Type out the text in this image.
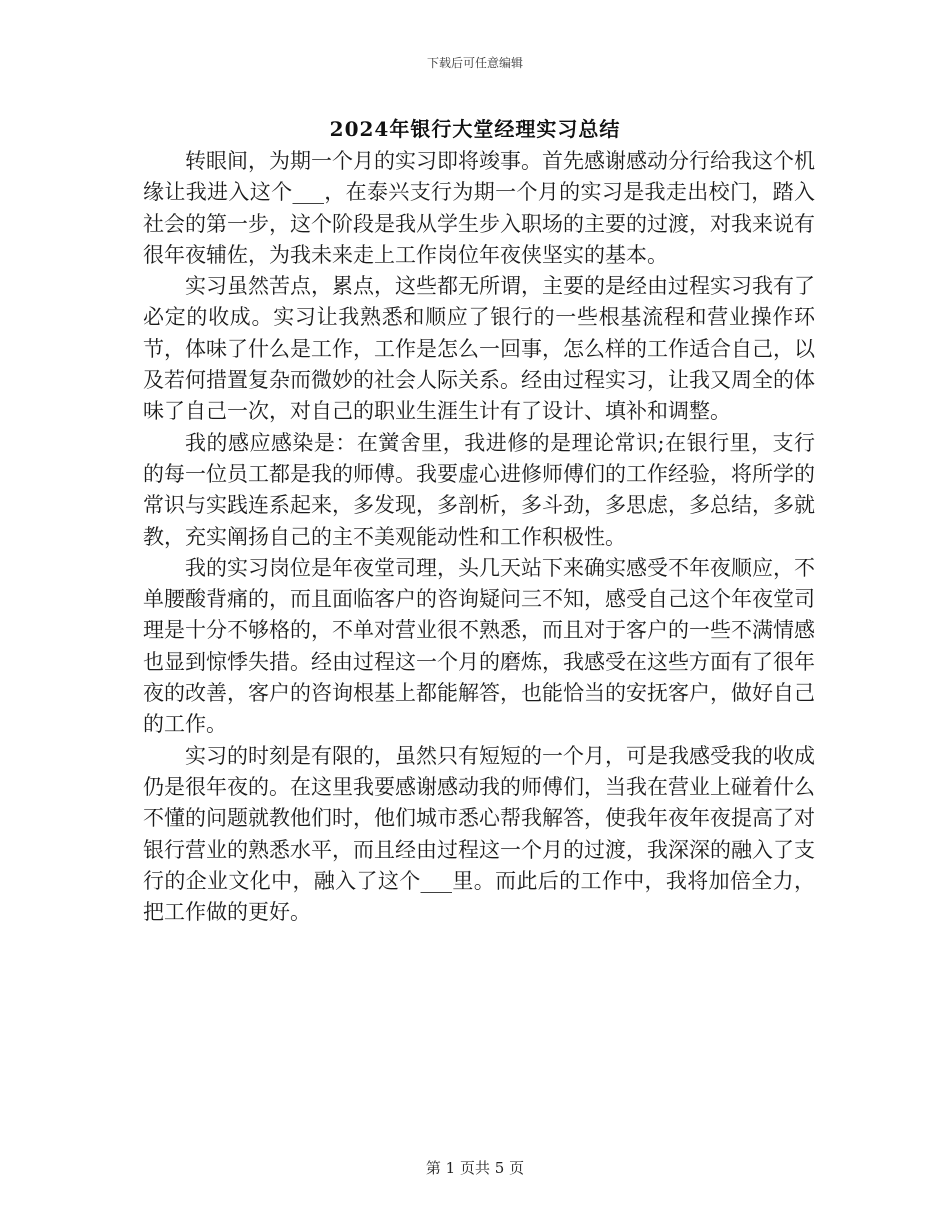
下载后可任意编辑
2024年银行大堂经理实习总结

转眼间，为期一个月的实习即将竣事。首先感谢感动分行给我这个机缘让我进入这个___，在泰兴支行为期一个月的实习是我走出校门，踏入社会的第一步，这个阶段是我从学生步入职场的主要的过渡，对我来说有很年夜辅佐，为我未来走上工作岗位年夜侠坚实的基本。

实习虽然苦点，累点，这些都无所谓，主要的是经由过程实习我有了必定的收成。实习让我熟悉和顺应了银行的一些根基流程和营业操作环节，体味了什么是工作，工作是怎么一回事，怎么样的工作适合自己，以及若何措置复杂而微妙的社会人际关系。经由过程实习，让我又周全的体味了自己一次，对自己的职业生涯生计有了设计、填补和调整。

我的感应感染是：在黉舍里，我进修的是理论常识;在银行里，支行的每一位员工都是我的师傅。我要虚心进修师傅们的工作经验，将所学的常识与实践连系起来，多发现，多剖析，多斗劲，多思虑，多总结，多就教，充实阐扬自己的主不美观能动性和工作积极性。

我的实习岗位是年夜堂司理，头几天站下来确实感受不年夜顺应，不单腰酸背痛的，而且面临客户的咨询疑问三不知，感受自己这个年夜堂司理是十分不够格的，不单对营业很不熟悉，而且对于客户的一些不满情感也显到惊悸失措。经由过程这一个月的磨炼，我感受在这些方面有了很年夜的改善，客户的咨询根基上都能解答，也能恰当的安抚客户，做好自己的工作。

实习的时刻是有限的，虽然只有短短的一个月，可是我感受我的收成仍是很年夜的。在这里我要感谢感动我的师傅们，当我在营业上碰着什么不懂的问题就教他们时，他们城市悉心帮我解答，使我年夜年夜提高了对银行营业的熟悉水平，而且经由过程这一个月的过渡，我深深的融入了支行的企业文化中，融入了这个___里。而此后的工作中，我将加倍全力，把工作做的更好。

第 1 页共 5 页
